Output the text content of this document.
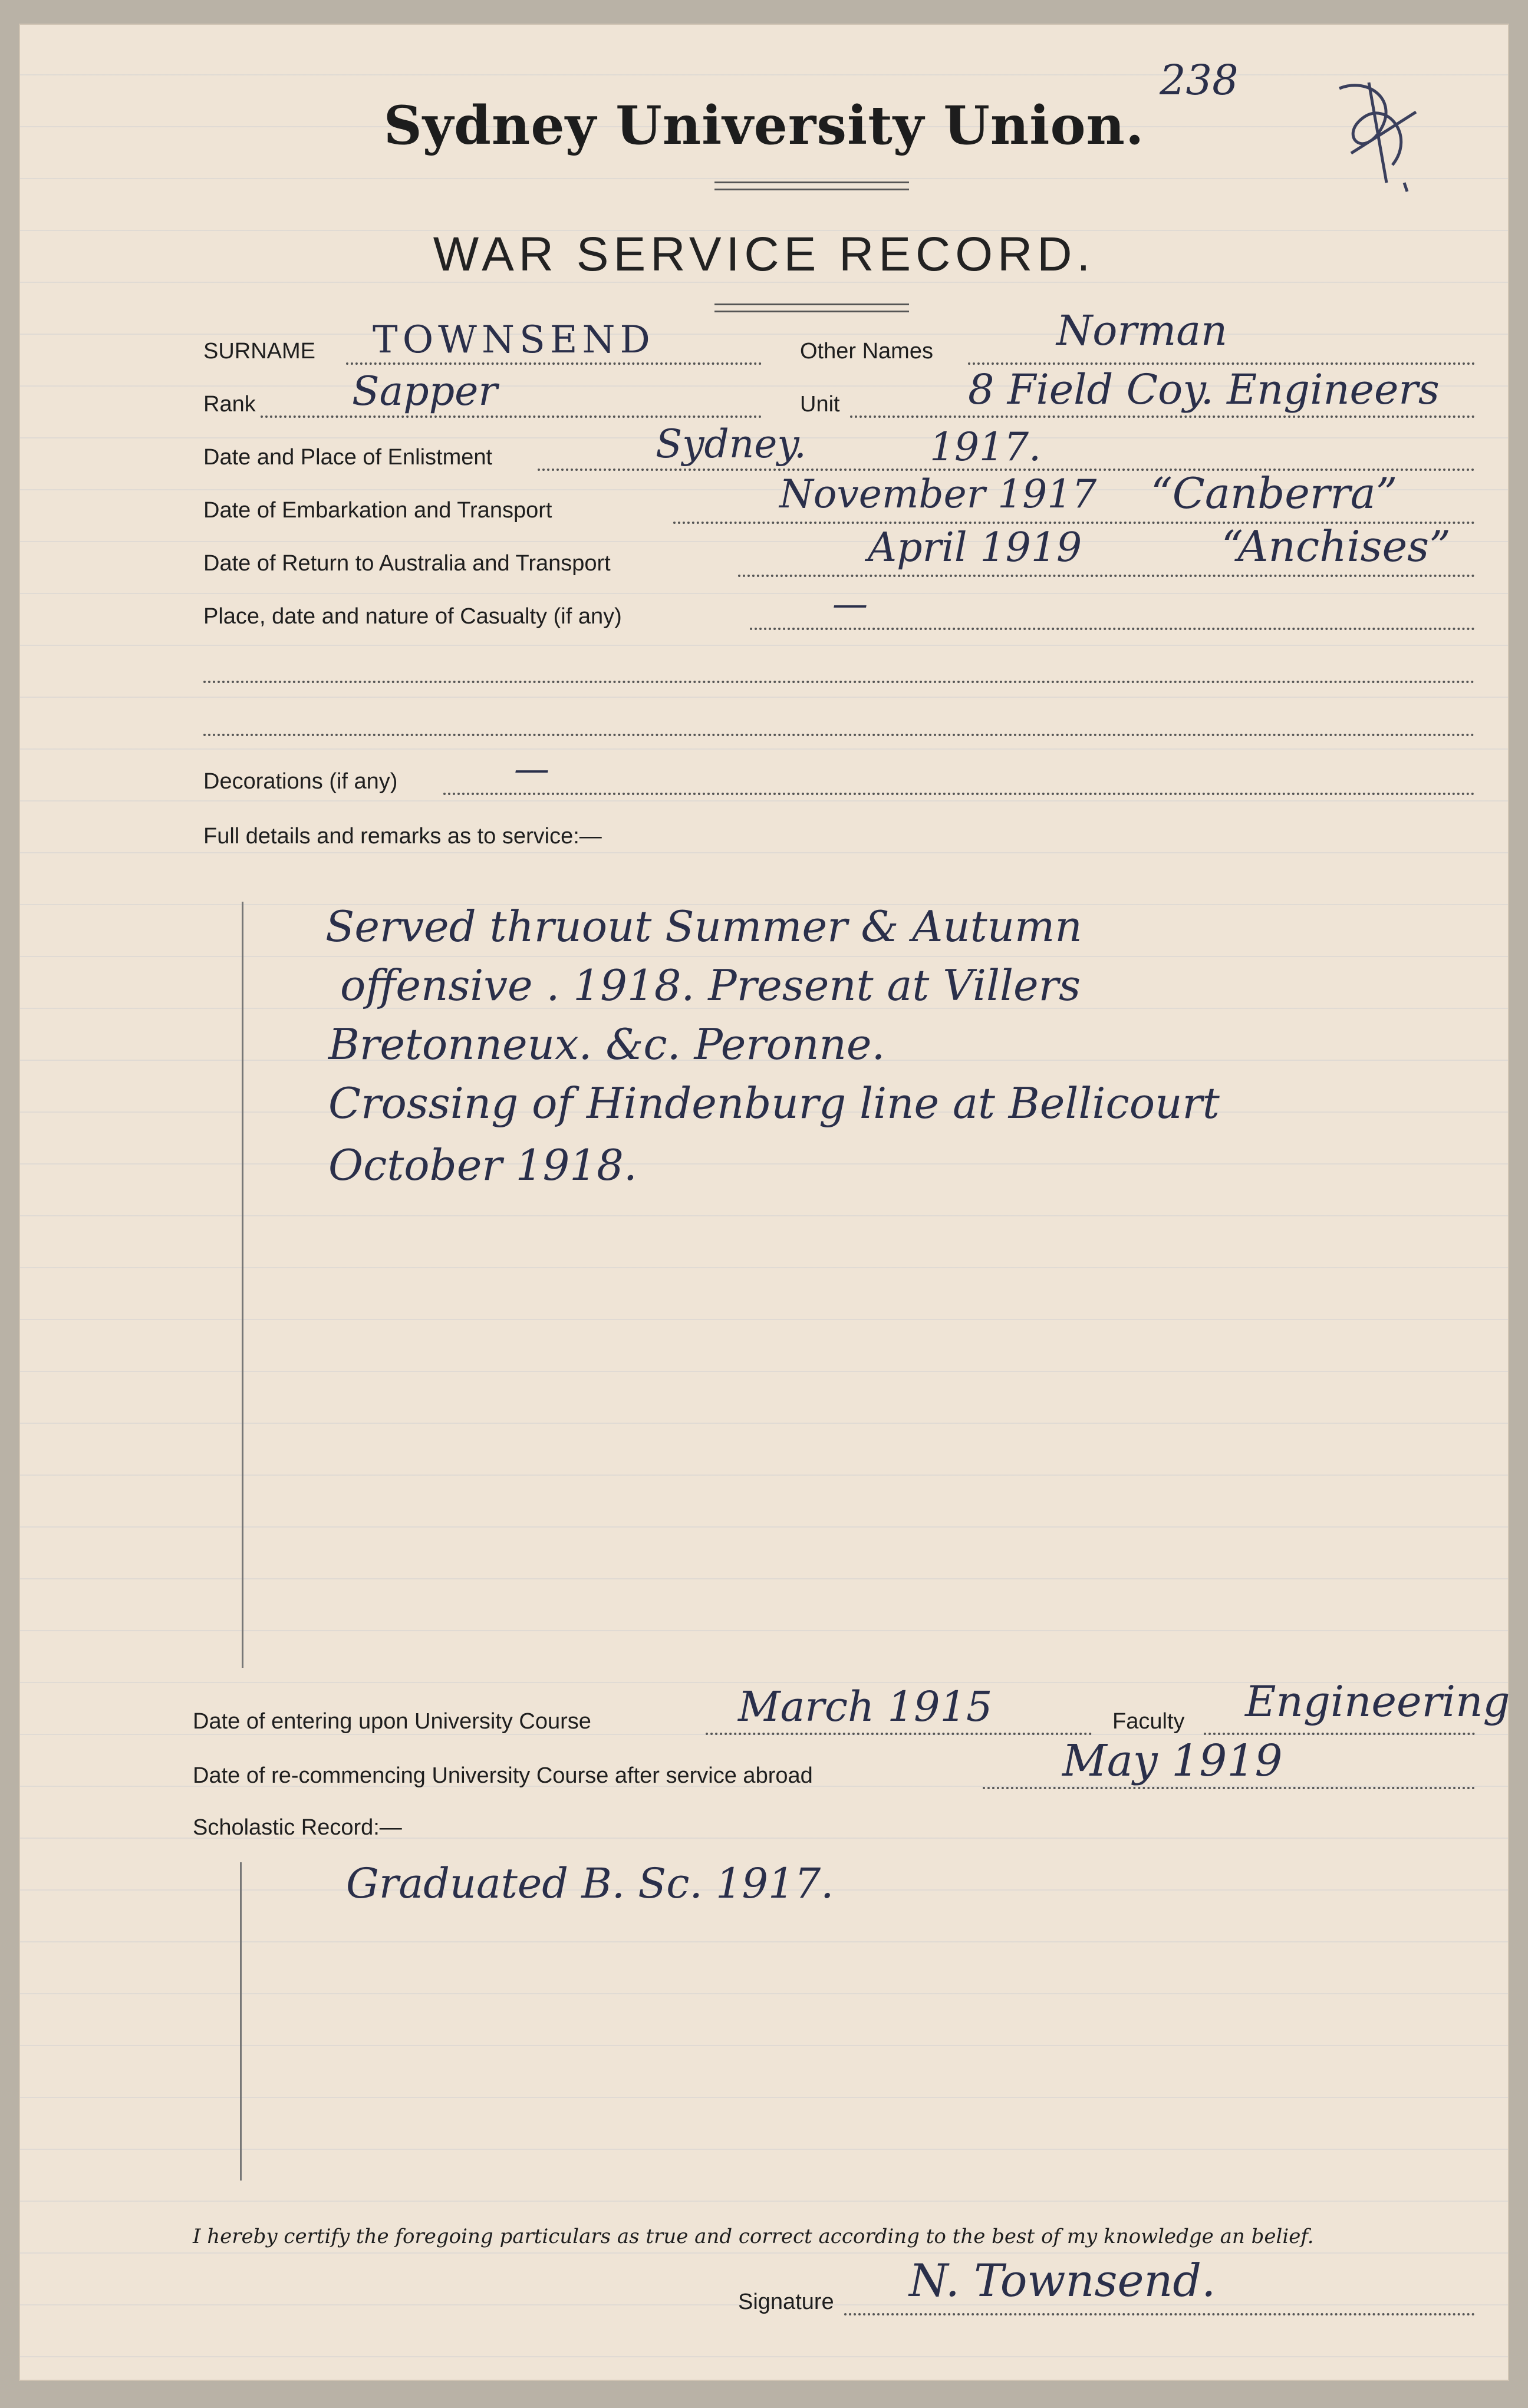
238
Sydney University Union.
WAR SERVICE RECORD.
SURNAME TOWNSEND	Other Names	Norman
Rank Sapper	Unit	8 Field Coy. Engineers
Date and Place of Enlistment	Sydney.	1917.
Date of Embarkation and Transport	November 1917 “Canberra”
Date of Return to Australia and Transport	April 1919	“Anchises”
Place, date and nature of Casualty (if any)	—
Decorations (if any)	—
Full details and remarks as to service:—
Served thruout Summer & Autumn
offensive . 1918. Present at Villers
Bretonneux. &c. Peronne.
Crossing of Hindenburg line at Bellicourt
October 1918.
Date of entering upon University Course	March 1915	Faculty Engineering
Date of re-commencing University Course after service abroad	May 1919
Scholastic Record:—
Graduated B. Sc. 1917.
I hereby certify the foregoing particulars as true and correct according to the best of my knowledge an belief.
Signature N. Townsend.
